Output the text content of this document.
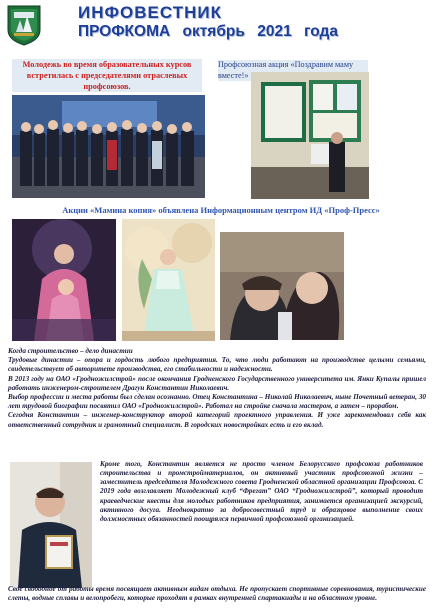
ИНФОВЕСТНИК
ПРОФКОМА октябрь 2021 года
Молодежь во время образовательных курсов встретилась с председателями отраслевых профсоюзов.
Профсоюзная акция «Поздравим маму вместе!»
Акции «Мамина копия» объявлена Информационным центром ИД «Проф-Пресс»

Когда строительство – дело династии

Трудовые династии – опора и гордость любого предприятия. То, что люди работают на производстве целыми семьями, свидетельствует об авторитете производства, его стабильности и надежности.

В 2013 году на ОАО «Гродножилстрой» после окончания Гродненского Государственного университета им. Янки Купалы пришел работать инженером-строителем Драгун Константин Николаевич.

Выбор профессии и места работы был сделан осознанно. Отец Константина – Николай Николаевич, ныне Почетный ветеран, 30 лет трудовой биографии посвятил ОАО «Гродножилстрой». Работал на стройке сначала мастером, а затем – прорабом.

Сегодня Константин – инженер-конструктор второй категорий проектного управления. И уже зарекомендовал себя как ответственный сотрудник и грамотный специалист. В городских новостройках есть и его вклад.

Кроме того, Константин является не просто членом Белорусского профсоюза работников строительства и промстройматериалов, он активный участник профсоюзной жизни – заместитель председателя Молодежного совета Гродненской областной организации Профсоюза. С 2019 года возглавляет Молодежный клуб “Фрегат” ОАО “Гродножилстрой”, который проводит краеведческие квесты для молодых работников предприятия, занимается организацией экскурсий, активного досуга. Неоднократно за добросовестный труд и образцовое выполнение своих должностных обязанностей поощрялся первичной профсоюзной организацией.

Свое свободное от работы время посвящает активным видам отдыха. Не пропускает спортивные соревнования, туристические слеты, водные сплавы и велопробеги, которые проходят в рамках внутренней спартакиады и на областном уровне.
